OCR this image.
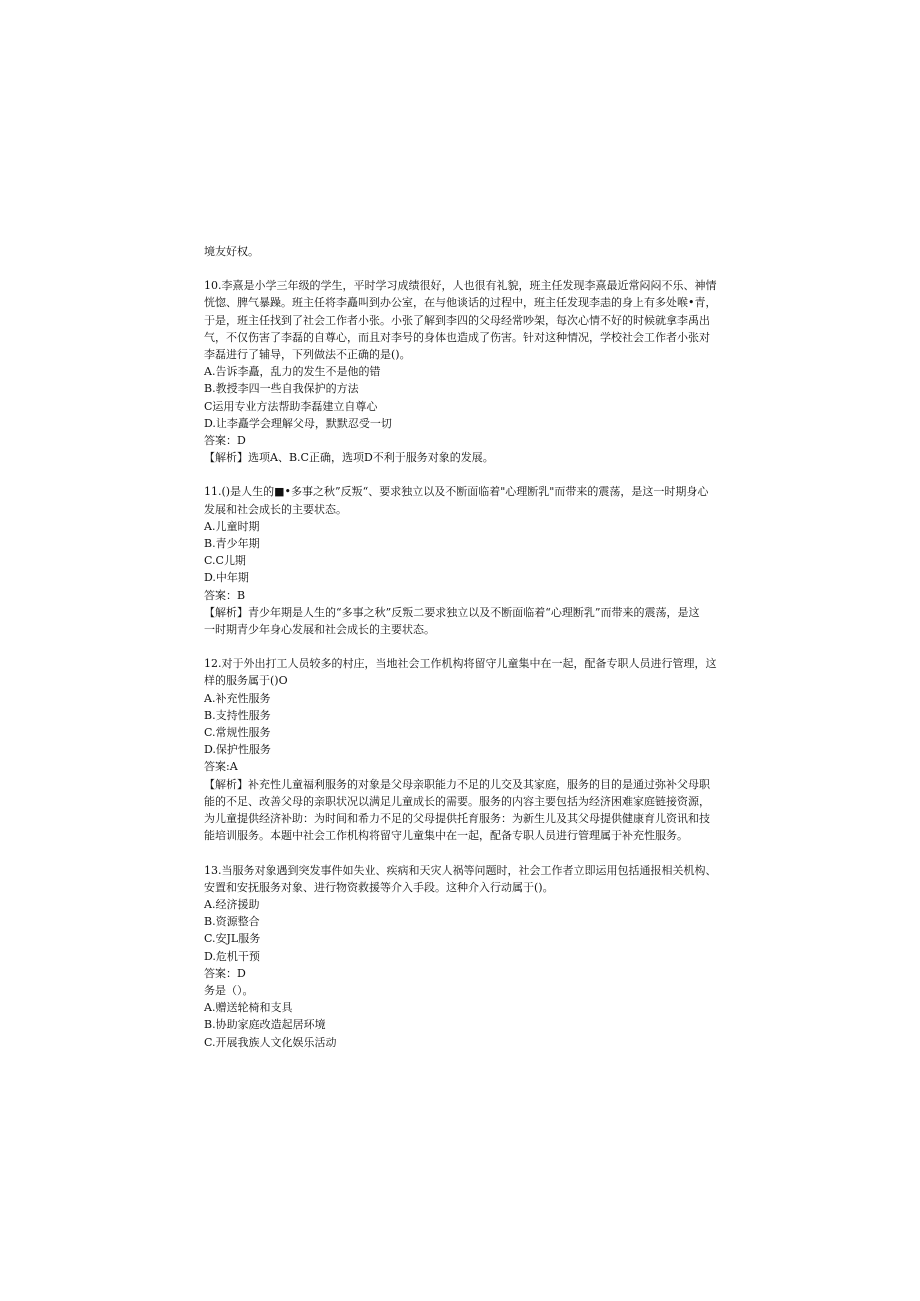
境友好权。

10.李熹是小学三年级的学生，平时学习成绩很好，人也很有礼貌，班主任发现李熹最近常闷闷不乐、神情

恍惚、脾气暴躁。班主任将李矗叫到办公室，在与他谈话的过程中，班主任发现李恚的身上有多处喉•青，

于是，班主任找到了社会工作者小张。小张了解到李四的父母经常吵架，每次心情不好的时候就拿李禹出

气，不仅伤害了李磊的自尊心，而且对李号的身体也造成了伤害。针对这种情况，学校社会工作者小张对

李磊进行了辅导，下列做法不正确的是()。

A.告诉李矗，乱力的发生不是他的错

B.教授李四一些自我保护的方法

C运用专业方法帮助李磊建立自尊心

D.让李矗学会理解父母，默默忍受一切

答案：D

【解析】选项A、B.C正确，选项D不利于服务对象的发展。

11.()是人生的■•多事之秋”反叛“、要求独立以及不断面临着"心理断乳"而带来的震荡，是这一时期身心

发展和社会成长的主要状态。

A.儿童时期

B.青少年期

C.C儿期

D.中年期

答案：B

【解析】青少年期是人生的“多事之秋”反叛二要求独立以及不断面临着“心理断乳”而带来的震荡，是这

一时期青少年身心发展和社会成长的主要状态。

12.对于外出打工人员较多的村庄，当地社会工作机构将留守儿童集中在一起，配备专职人员进行管理，这

样的服务属于()O

A.补充性服务

B.支持性服务

C.常规性服务

D.保护性服务

答案:A

【解析】补充性儿童福利服务的对象是父母亲职能力不足的儿交及其家庭，服务的目的是通过弥补父母职

能的不足、改善父母的亲职状况以满足儿童成长的需要。服务的内容主要包括为经济困难家庭链接资源，

为儿童提供经济补助：为时间和希力不足的父母提供托育服务：为新生儿及其父母提供健康育儿资讯和技

能培训服务。本题中社会工作机构将留守儿童集中在一起，配备专职人员进行管理属于补充性服务。

13.当服务对象遇到突发事件如失业、疾病和天灾人祸等问题时，社会工作者立即运用包括通报相关机构、

安置和安抚服务对象、进行物资救援等介入手段。这种介入行动属于()。

A.经济援助

B.资源整合

C.安JL服务

D.危机干预

答案：D

务是（）。

A.赠送轮椅和支具

B.协助家庭改造起居环境

C.开展我族人文化娱乐活动
